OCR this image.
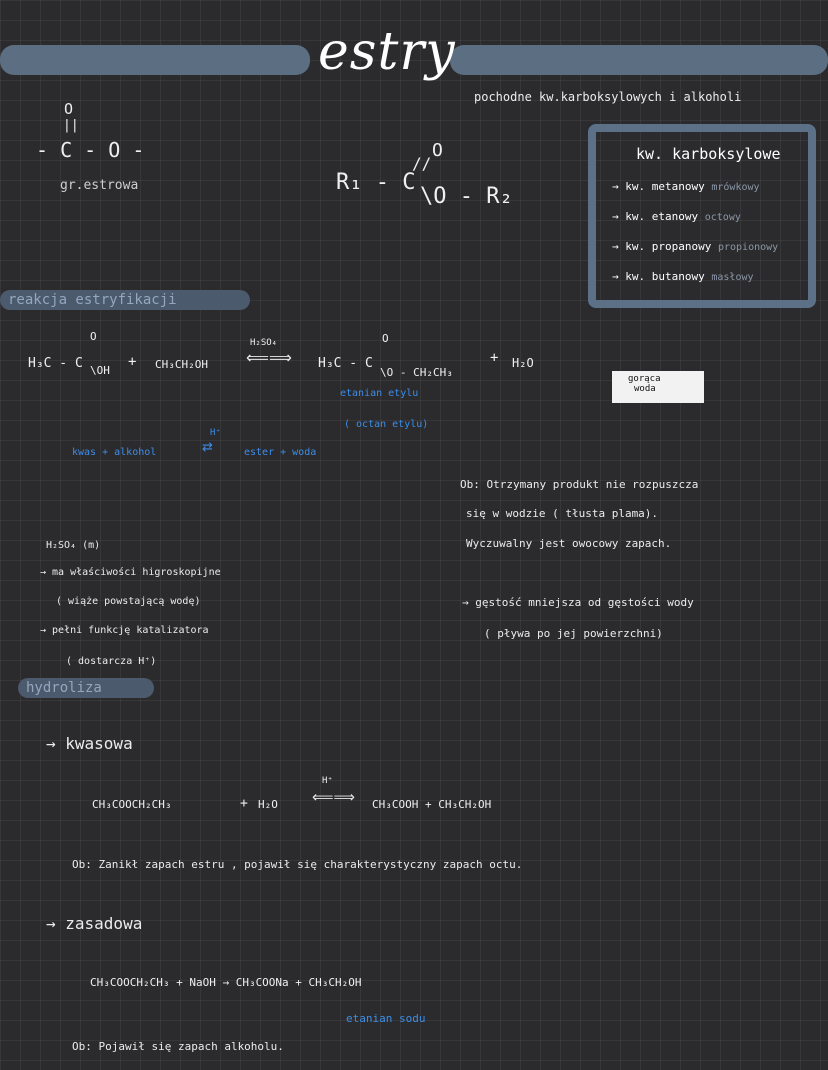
estry
pochodne kw.karboksylowych i alkoholi
O
||
- C - O -
gr.estrowa
O
//
R₁ - C
\O - R₂
kw. karboksylowe
→ kw. metanowy mrówkowy
→ kw. etanowy octowy
→ kw. propanowy propionowy
→ kw. butanowy masłowy
reakcja estryfikacji
O
H₃C - C \OH
+ CH₃CH₂OH
H₂SO₄
⟸⟹
O
H₃C - C
\O - CH₂CH₃
+ H₂O
etanian etylu
( octan etylu)
kwas + alkohol
H⁺
⇄	ester + woda
gorąca
woda
Ob: Otrzymany produkt nie rozpuszcza
się w wodzie ( tłusta plama).
Wyczuwalny jest owocowy zapach.
→ gęstość mniejsza od gęstości wody
( pływa po jej powierzchni)
H₂SO₄ (m)
→ ma właściwości higroskopijne
( wiąże powstającą wodę)
→ pełni funkcję katalizatora
( dostarcza H⁺)
hydroliza
→ kwasowa
CH₃COOCH₂CH₃	+ H₂O
H⁺
⟸⟹ CH₃COOH + CH₃CH₂OH
Ob: Zanikł zapach estru , pojawił się charakterystyczny zapach octu.
→ zasadowa
CH₃COOCH₂CH₃ + NaOH → CH₃COONa + CH₃CH₂OH
etanian sodu
Ob: Pojawił się zapach alkoholu.
